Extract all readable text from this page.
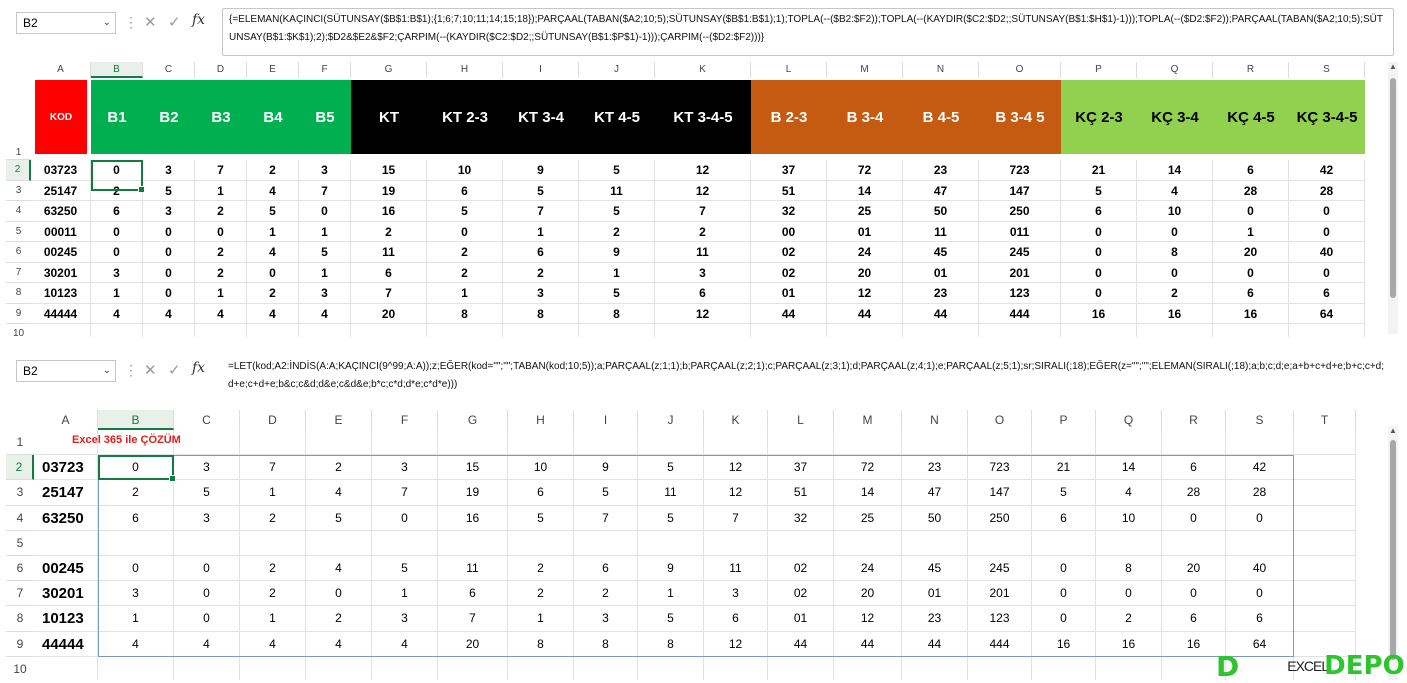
B2	⌄ ⋮ ✕ ✓ fx	{=ELEMAN(KAÇINCI(SÜTUNSAY($B$1:B$1);{1;6;7;10;11;14;15;18});PARÇAAL(TABAN($A2;10;5);SÜTUNSAY($B$1:B$1);1);TOPLA(--($B2:$F2));TOPLA(--(KAYDIR($C2:$D2;;SÜTUNSAY(B$1:$H$1)-1)));TOPLA(--($D2:$F2));PARÇAAL(TABAN($A2;10;5);SÜTUNSAY(B$1:$K$1);2);$D2&$E2&$F2;ÇARPIM(--(KAYDIR($C2:$D2;;SÜTUNSAY(B$1:$P$1)-1)));ÇARPIM(--($D2:$F2)))}
A	B	C	D	E	F	G	H	I	J	K	L	M	N	O	P	Q	R	S
1
2
3
4
5
6
7
8
9
10
KOD	B1	B2	B3	B4	B5	KT	KT 2-3	KT 3-4	KT 4-5	KT 3-4-5	B 2-3	B 3-4	B 4-5	B 3-4 5	KÇ 2-3	KÇ 3-4	KÇ 4-5	KÇ 3-4-5
03723	0	3	7	2	3	15	10	9	5	12	37	72	23	723	21	14	6	42
25147	2	5	1	4	7	19	6	5	11	12	51	14	47	147	5	4	28	28
63250	6	3	2	5	0	16	5	7	5	7	32	25	50	250	6	10	0	0
00011	0	0	0	1	1	2	0	1	2	2	00	01	11	011	0	0	1	0
00245	0	0	2	4	5	11	2	6	9	11	02	24	45	245	0	8	20	40
30201	3	0	2	0	1	6	2	2	1	3	02	20	01	201	0	0	0	0
10123	1	0	1	2	3	7	1	3	5	6	01	12	23	123	0	2	6	6
44444	4	4	4	4	4	20	8	8	8	12	44	44	44	444	16	16	16	64
▲
B2	⌄ ⋮ ✕ ✓ fx	=LET(kod;A2:İNDİS(A:A;KAÇINCI(9^99;A:A));z;EĞER(kod="";"";TABAN(kod;10;5));a;PARÇAAL(z;1;1);b;PARÇAAL(z;2;1);c;PARÇAAL(z;3;1);d;PARÇAAL(z;4;1);e;PARÇAAL(z;5;1);sr;SIRALI(;18);EĞER(z="";"";ELEMAN(SIRALI(;18);a;b;c;d;e;a+b+c+d+e;b+c;c+d;d+e;c+d+e;b&c;c&d;d&e;c&d&e;b*c;c*d;d*e;c*d*e)))
A	B	C	D	E	F	G	H	I	J	K	L	M	N	O	P	Q	R	S	T
1
2
3
4
5
6
7
8
9
10
Excel 365 ile ÇÖZÜM
03723	0	3	7	2	3	15	10	9	5	12	37	72	23	723	21	14	6	42
25147	2	5	1	4	7	19	6	5	11	12	51	14	47	147	5	4	28	28
63250	6	3	2	5	0	16	5	7	5	7	32	25	50	250	6	10	0	0
00245	0	0	2	4	5	11	2	6	9	11	02	24	45	245	0	8	20	40
30201	3	0	2	0	1	6	2	2	1	3	02	20	01	201	0	0	0	0
10123	1	0	1	2	3	7	1	3	5	6	01	12	23	123	0	2	6	6
44444	4	4	4	4	4	20	8	8	8	12	44	44	44	444	16	16	16	64
▲
D	EXCEL
DEPO
